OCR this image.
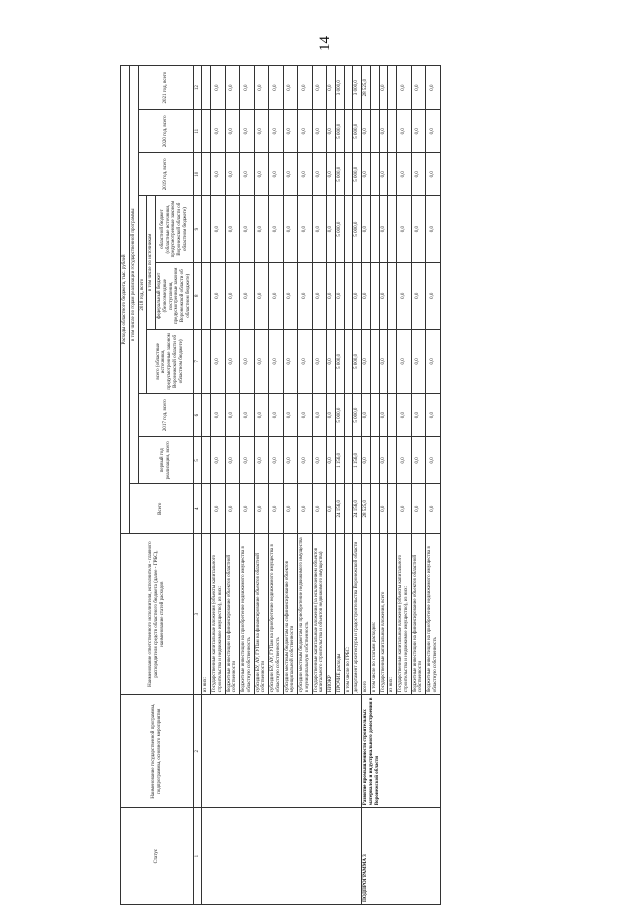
14
Статус	Наименование государственной программы, подпрограммы, основного мероприятия	Наименование ответственного исполнителя, исполнителя - главного распорядителя средств областного бюджета (далее - ГРБС), наименование статей расходов	Расходы областного бюджета, тыс. рублей								
			Всего	в том числе по годам реализации государственной программы							
				первый год реализации, всего	2017 год, всего	2018 год, всего			2019 год, всего	2020 год, всего	2021 год, всего
						всего (областные источники, предусмотренные законом Воронежской области об областном бюджете)	в том числе по источникам				
							федеральный бюджет (безвозмездные поступления, предусмотренные законом Воронежской области об областном бюджете)	областной бюджет (областные источники, предусмотренные законом Воронежской области об областном бюджете)			
1	2	3	4	5	6	7	8	9	10	11	12
		из них:									
		Государственные капитальные вложения (объекты капитального строительства и недвижимое имущество), из них:	0,0	0,0	0,0	0,0	0,0	0,0	0,0	0,0	0,0
		бюджетные инвестиции на финансирование объектов областной собственности	0,0	0,0	0,0	0,0	0,0	0,0	0,0	0,0	0,0
		бюджетные инвестиции на приобретение недвижимого имущества в областную собственность	0,0	0,0	0,0	0,0	0,0	0,0	0,0	0,0	0,0
		субсидии БУ, АУ, ГУПам на финансирование объектов областной собственности	0,0	0,0	0,0	0,0	0,0	0,0	0,0	0,0	0,0
		субсидии БУ, АУ, ГУПам на приобретение недвижимого имущества в областную собственность	0,0	0,0	0,0	0,0	0,0	0,0	0,0	0,0	0,0
		субсидии местным бюджетам на софинансирование объектов муниципальной собственности	0,0	0,0	0,0	0,0	0,0	0,0	0,0	0,0	0,0
		субсидии местным бюджетам на приобретение недвижимого имущества в муниципальную собственность	0,0	0,0	0,0	0,0	0,0	0,0	0,0	0,0	0,0
		Государственные капитальные вложения (за исключением объектов капитального строительства и объектов недвижимого имущества)	0,0	0,0	0,0	0,0	0,0	0,0	0,0	0,0	0,0
		НИОКР	0,0	0,0	0,0	0,0	0,0	0,0	0,0	0,0	0,0
		ПРОЧИЕ расходы	24 156,0	1 156,0	5 000,0	5 000,0	0,0	5 000,0	5 000,0	5 000,0	3 000,0
		в том числе по ГРБС:									
		департамент архитектуры и градостроительства Воронежской области	24 156,0	1 156,0	5 000,0	5 000,0	0,0	5 000,0	5 000,0	5 000,0	3 000,0
ПОДПРОГРАММА 3	Развитие промышленности строительных материалов и индустриального домостроения в Воронежской области	всего	28 525,0	0,0	0,0	0,0	0,0	0,0	0,0	0,0	28 525,0
		в том числе по статьям расходов:									
		Государственные капитальные вложения, всего	0,0	0,0	0,0	0,0	0,0	0,0	0,0	0,0	0,0
		из них:									
		Государственные капитальные вложения (объекты капитального строительства и недвижимое имущество), из них:	0,0	0,0	0,0	0,0	0,0	0,0	0,0	0,0	0,0
		бюджетные инвестиции на финансирование объектов областной собственности	0,0	0,0	0,0	0,0	0,0	0,0	0,0	0,0	0,0
		бюджетные инвестиции на приобретение недвижимого имущества в областную собственность	0,0	0,0	0,0	0,0	0,0	0,0	0,0	0,0	0,0
